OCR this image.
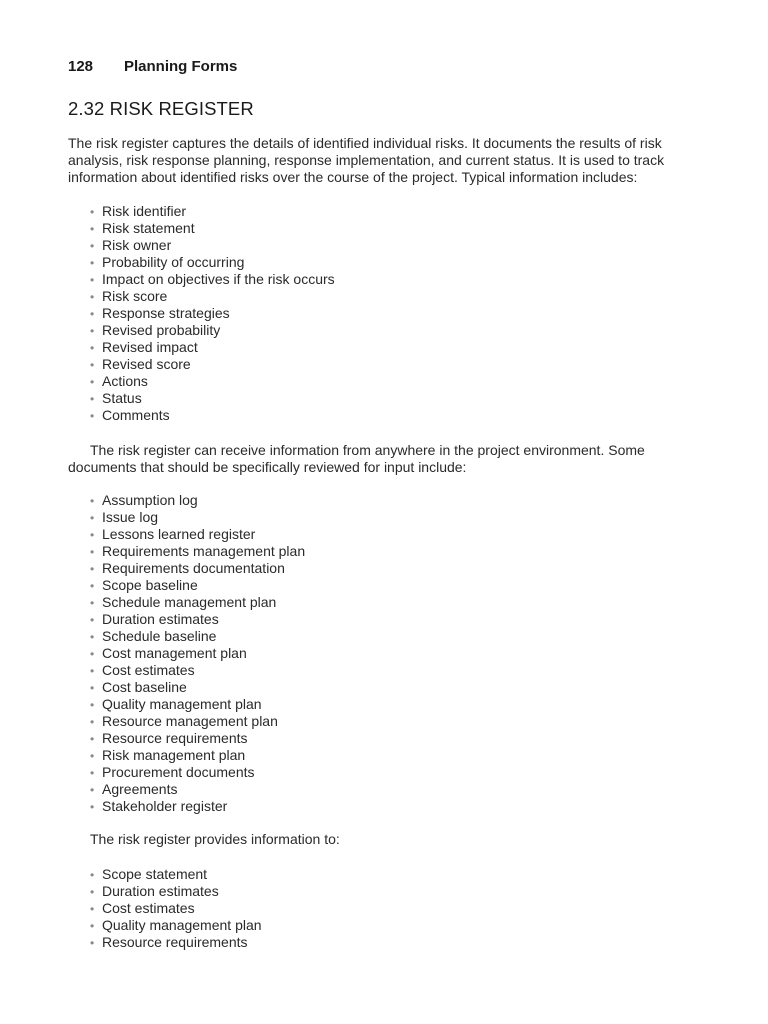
128 Planning Forms
2.32 RISK REGISTER

The risk register captures the details of identified individual risks. It documents the results of risk analysis, risk response planning, response implementation, and current status. It is used to track information about identified risks over the course of the project. Typical information includes:

• Risk identifier
• Risk statement
• Risk owner
• Probability of occurring
• Impact on objectives if the risk occurs
• Risk score
• Response strategies
• Revised probability
• Revised impact
• Revised score
• Actions
• Status
• Comments

The risk register can receive information from anywhere in the project environment. Some documents that should be specifically reviewed for input include:

• Assumption log
• Issue log
• Lessons learned register
• Requirements management plan
• Requirements documentation
• Scope baseline
• Schedule management plan
• Duration estimates
• Schedule baseline
• Cost management plan
• Cost estimates
• Cost baseline
• Quality management plan
• Resource management plan
• Resource requirements
• Risk management plan
• Procurement documents
• Agreements
• Stakeholder register

The risk register provides information to:

• Scope statement
• Duration estimates
• Cost estimates
• Quality management plan
• Resource requirements
